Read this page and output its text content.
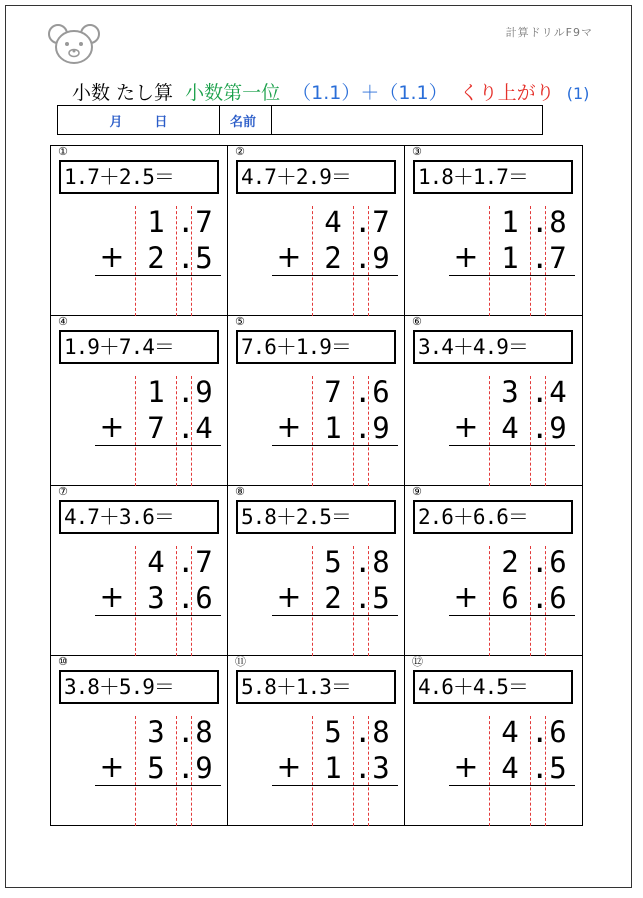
計算ドリルF9マ
小数 たし算 小数第一位 （1.1）＋（1.1） くり上がり (1)
月 日	名前
①
1.7＋2.5＝
1 . 7
+ 2 . 5
②
4.7＋2.9＝
4 . 7
+ 2 . 9
③
1.8＋1.7＝
1 . 8
+ 1 . 7
④
1.9＋7.4＝
1 . 9
+ 7 . 4
⑤
7.6＋1.9＝
7 . 6
+ 1 . 9
⑥
3.4＋4.9＝
3 . 4
+ 4 . 9
⑦
4.7＋3.6＝
4 . 7
+ 3 . 6
⑧
5.8＋2.5＝
5 . 8
+ 2 . 5
⑨
2.6＋6.6＝
2 . 6
+ 6 . 6
⑩
3.8＋5.9＝
3 . 8
+ 5 . 9
⑪
5.8＋1.3＝
5 . 8
+ 1 . 3
⑫
4.6＋4.5＝
4 . 6
+ 4 . 5
